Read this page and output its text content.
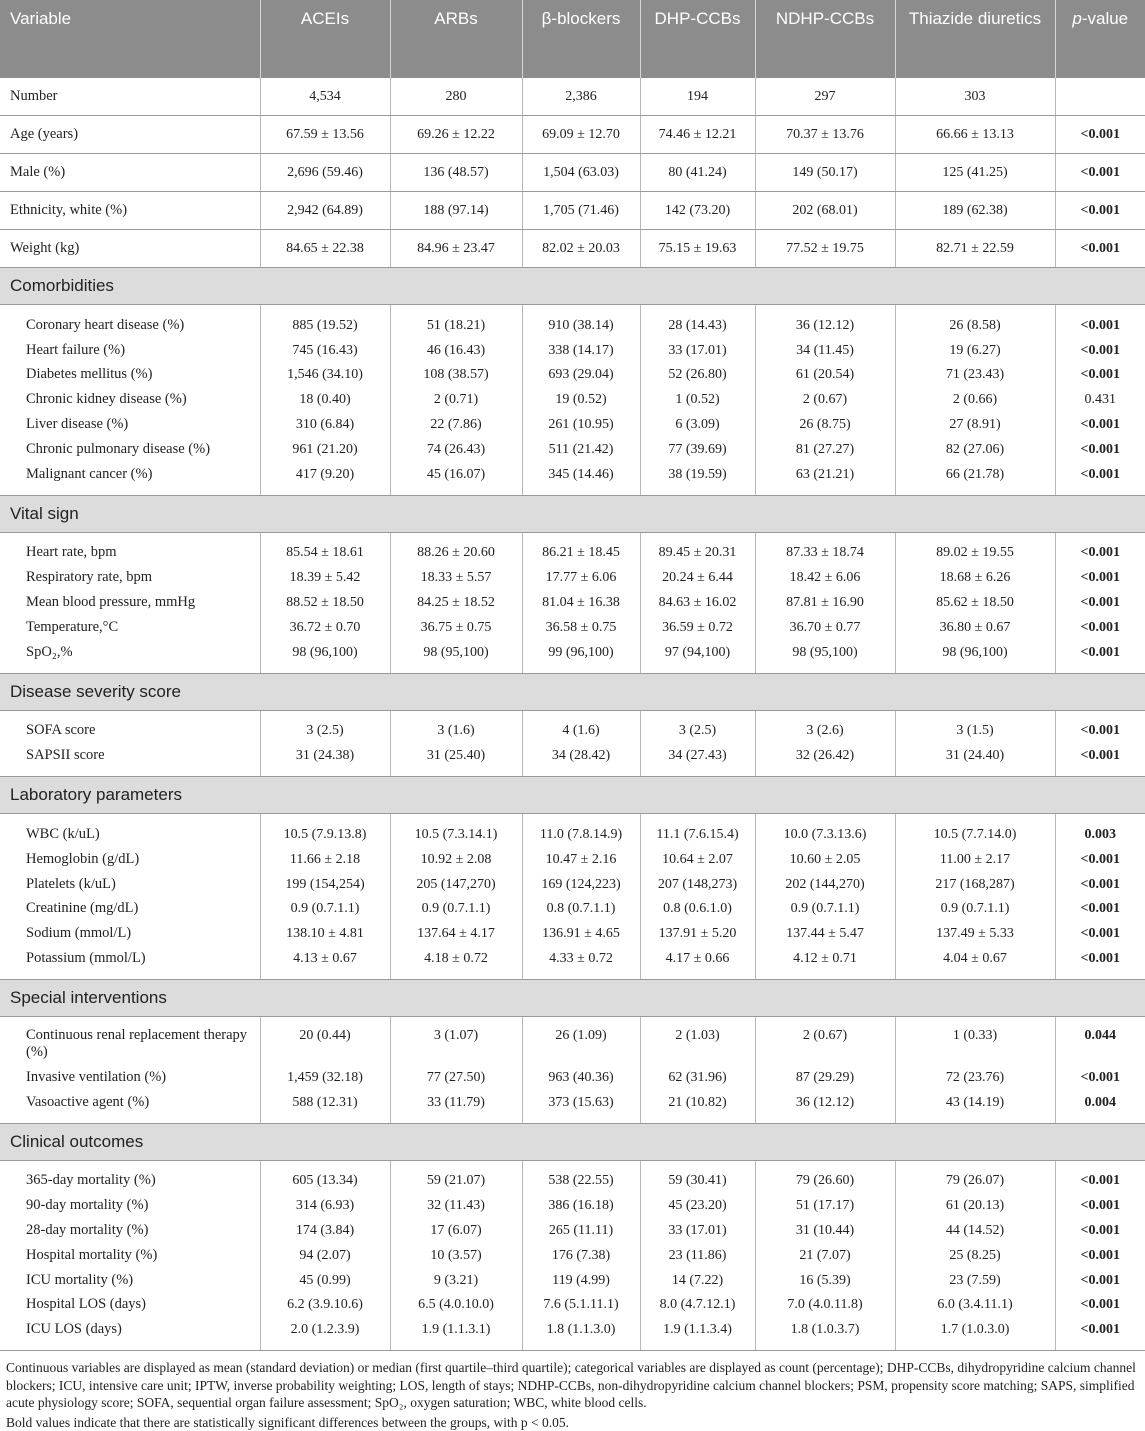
Variable	ACEIs	ARBs	β-blockers	DHP-CCBs	NDHP-CCBs	Thiazide diuretics	p-value
Number	4,534	280	2,386	194	297	303	
Age (years)	67.59 ± 13.56	69.26 ± 12.22	69.09 ± 12.70	74.46 ± 12.21	70.37 ± 13.76	66.66 ± 13.13	<0.001
Male (%)	2,696 (59.46)	136 (48.57)	1,504 (63.03)	80 (41.24)	149 (50.17)	125 (41.25)	<0.001
Ethnicity, white (%)	2,942 (64.89)	188 (97.14)	1,705 (71.46)	142 (73.20)	202 (68.01)	189 (62.38)	<0.001
Weight (kg)	84.65 ± 22.38	84.96 ± 23.47	82.02 ± 20.03	75.15 ± 19.63	77.52 ± 19.75	82.71 ± 22.59	<0.001
Comorbidities							
Coronary heart disease (%)	885 (19.52)	51 (18.21)	910 (38.14)	28 (14.43)	36 (12.12)	26 (8.58)	<0.001
Heart failure (%)	745 (16.43)	46 (16.43)	338 (14.17)	33 (17.01)	34 (11.45)	19 (6.27)	<0.001
Diabetes mellitus (%)	1,546 (34.10)	108 (38.57)	693 (29.04)	52 (26.80)	61 (20.54)	71 (23.43)	<0.001
Chronic kidney disease (%)	18 (0.40)	2 (0.71)	19 (0.52)	1 (0.52)	2 (0.67)	2 (0.66)	0.431
Liver disease (%)	310 (6.84)	22 (7.86)	261 (10.95)	6 (3.09)	26 (8.75)	27 (8.91)	<0.001
Chronic pulmonary disease (%)	961 (21.20)	74 (26.43)	511 (21.42)	77 (39.69)	81 (27.27)	82 (27.06)	<0.001
Malignant cancer (%)	417 (9.20)	45 (16.07)	345 (14.46)	38 (19.59)	63 (21.21)	66 (21.78)	<0.001
Vital sign							
Heart rate, bpm	85.54 ± 18.61	88.26 ± 20.60	86.21 ± 18.45	89.45 ± 20.31	87.33 ± 18.74	89.02 ± 19.55	<0.001
Respiratory rate, bpm	18.39 ± 5.42	18.33 ± 5.57	17.77 ± 6.06	20.24 ± 6.44	18.42 ± 6.06	18.68 ± 6.26	<0.001
Mean blood pressure, mmHg	88.52 ± 18.50	84.25 ± 18.52	81.04 ± 16.38	84.63 ± 16.02	87.81 ± 16.90	85.62 ± 18.50	<0.001
Temperature,°C	36.72 ± 0.70	36.75 ± 0.75	36.58 ± 0.75	36.59 ± 0.72	36.70 ± 0.77	36.80 ± 0.67	<0.001
SpO₂,%	98 (96,100)	98 (95,100)	99 (96,100)	97 (94,100)	98 (95,100)	98 (96,100)	<0.001
Disease severity score							
SOFA score	3 (2.5)	3 (1.6)	4 (1.6)	3 (2.5)	3 (2.6)	3 (1.5)	<0.001
SAPSII score	31 (24.38)	31 (25.40)	34 (28.42)	34 (27.43)	32 (26.42)	31 (24.40)	<0.001
Laboratory parameters							
WBC (k/uL)	10.5 (7.9.13.8)	10.5 (7.3.14.1)	11.0 (7.8.14.9)	11.1 (7.6.15.4)	10.0 (7.3.13.6)	10.5 (7.7.14.0)	0.003
Hemoglobin (g/dL)	11.66 ± 2.18	10.92 ± 2.08	10.47 ± 2.16	10.64 ± 2.07	10.60 ± 2.05	11.00 ± 2.17	<0.001
Platelets (k/uL)	199 (154,254)	205 (147,270)	169 (124,223)	207 (148,273)	202 (144,270)	217 (168,287)	<0.001
Creatinine (mg/dL)	0.9 (0.7.1.1)	0.9 (0.7.1.1)	0.8 (0.7.1.1)	0.8 (0.6.1.0)	0.9 (0.7.1.1)	0.9 (0.7.1.1)	<0.001
Sodium (mmol/L)	138.10 ± 4.81	137.64 ± 4.17	136.91 ± 4.65	137.91 ± 5.20	137.44 ± 5.47	137.49 ± 5.33	<0.001
Potassium (mmol/L)	4.13 ± 0.67	4.18 ± 0.72	4.33 ± 0.72	4.17 ± 0.66	4.12 ± 0.71	4.04 ± 0.67	<0.001
Special interventions							
Continuous renal replacement therapy (%)	20 (0.44)	3 (1.07)	26 (1.09)	2 (1.03)	2 (0.67)	1 (0.33)	0.044
Invasive ventilation (%)	1,459 (32.18)	77 (27.50)	963 (40.36)	62 (31.96)	87 (29.29)	72 (23.76)	<0.001
Vasoactive agent (%)	588 (12.31)	33 (11.79)	373 (15.63)	21 (10.82)	36 (12.12)	43 (14.19)	0.004
Clinical outcomes							
365-day mortality (%)	605 (13.34)	59 (21.07)	538 (22.55)	59 (30.41)	79 (26.60)	79 (26.07)	<0.001
90-day mortality (%)	314 (6.93)	32 (11.43)	386 (16.18)	45 (23.20)	51 (17.17)	61 (20.13)	<0.001
28-day mortality (%)	174 (3.84)	17 (6.07)	265 (11.11)	33 (17.01)	31 (10.44)	44 (14.52)	<0.001
Hospital mortality (%)	94 (2.07)	10 (3.57)	176 (7.38)	23 (11.86)	21 (7.07)	25 (8.25)	<0.001
ICU mortality (%)	45 (0.99)	9 (3.21)	119 (4.99)	14 (7.22)	16 (5.39)	23 (7.59)	<0.001
Hospital LOS (days)	6.2 (3.9.10.6)	6.5 (4.0.10.0)	7.6 (5.1.11.1)	8.0 (4.7.12.1)	7.0 (4.0.11.8)	6.0 (3.4.11.1)	<0.001
ICU LOS (days)	2.0 (1.2.3.9)	1.9 (1.1.3.1)	1.8 (1.1.3.0)	1.9 (1.1.3.4)	1.8 (1.0.3.7)	1.7 (1.0.3.0)	<0.001

Continuous variables are displayed as mean (standard deviation) or median (first quartile–third quartile); categorical variables are displayed as count (percentage); DHP-CCBs, dihydropyridine calcium channel blockers; ICU, intensive care unit; IPTW, inverse probability weighting; LOS, length of stays; NDHP-CCBs, non-dihydropyridine calcium channel blockers; PSM, propensity score matching; SAPS, simplified acute physiology score; SOFA, sequential organ failure assessment; SpO₂, oxygen saturation; WBC, white blood cells.

Bold values indicate that there are statistically significant differences between the groups, with p < 0.05.
